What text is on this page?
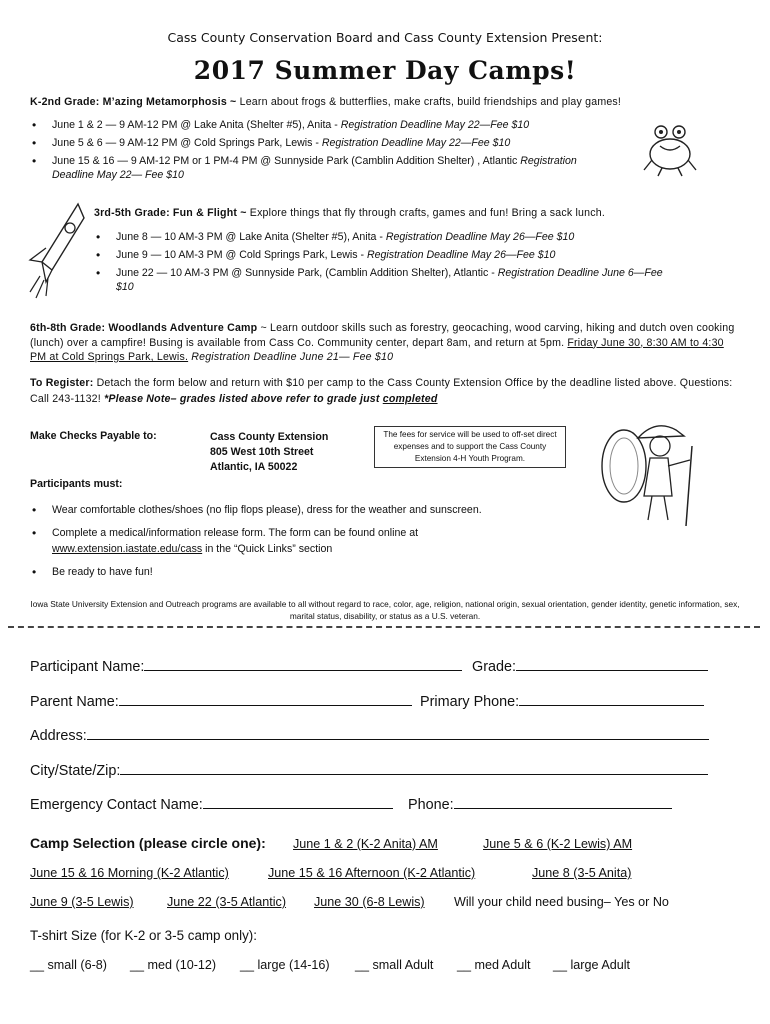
Cass County Conservation Board and Cass County Extension Present:
2017 Summer Day Camps!
K-2nd Grade: M’azing Metamorphosis ~ Learn about frogs & butterflies, make crafts, build friendships and play games!
• June 1 & 2 — 9 AM-12 PM @ Lake Anita (Shelter #5), Anita - Registration Deadline May 22—Fee $10
• June 5 & 6 — 9 AM-12 PM @ Cold Springs Park, Lewis - Registration Deadline May 22—Fee $10
• June 15 & 16 — 9 AM-12 PM or 1 PM-4 PM @ Sunnyside Park (Camblin Addition Shelter) , Atlantic Registration Deadline May 22— Fee $10
3rd-5th Grade: Fun & Flight ~ Explore things that fly through crafts, games and fun! Bring a sack lunch.
• June 8 — 10 AM-3 PM @ Lake Anita (Shelter #5), Anita - Registration Deadline May 26—Fee $10
• June 9 — 10 AM-3 PM @ Cold Springs Park, Lewis - Registration Deadline May 26—Fee $10
• June 22 — 10 AM-3 PM @ Sunnyside Park, (Camblin Addition Shelter), Atlantic - Registration Deadline June 6—Fee $10
6th-8th Grade: Woodlands Adventure Camp ~ Learn outdoor skills such as forestry, geocaching, wood carving, hiking and dutch oven cooking (lunch) over a campfire! Busing is available from Cass Co. Community center, depart 8am, and return at 5pm. Friday June 30, 8:30 AM to 4:30 PM at Cold Springs Park, Lewis. Registration Deadline June 21— Fee $10
To Register: Detach the form below and return with $10 per camp to the Cass County Extension Office by the deadline listed above. Questions: Call 243-1132! *Please Note– grades listed above refer to grade just completed
Make Checks Payable to:	Cass County Extension
805 West 10th Street
Atlantic, IA 50022
The fees for service will be used to off-set direct expenses and to support the Cass County Extension 4-H Youth Program.
Participants must:
• Wear comfortable clothes/shoes (no flip flops please), dress for the weather and sunscreen.
• Complete a medical/information release form. The form can be found online at
www.extension.iastate.edu/cass in the “Quick Links” section
• Be ready to have fun!
Iowa State University Extension and Outreach programs are available to all without regard to race, color, age, religion, national origin, sexual orientation, gender identity, genetic information, sex, marital status, disability, or status as a U.S. veteran.
Participant Name:	Grade:
Parent Name:	Primary Phone:
Address:
City/State/Zip:
Emergency Contact Name:	Phone:
Camp Selection (please circle one): June 1 & 2 (K-2 Anita) AM	June 5 & 6 (K-2 Lewis) AM
June 15 & 16 Morning (K-2 Atlantic)	June 15 & 16 Afternoon (K-2 Atlantic)	June 8 (3-5 Anita)
June 9 (3-5 Lewis)	June 22 (3-5 Atlantic) June 30 (6-8 Lewis) Will your child need busing– Yes or No
T-shirt Size (for K-2 or 3-5 camp only):
__ small (6-8) __ med (10-12) __ large (14-16) __ small Adult __ med Adult __ large Adult
